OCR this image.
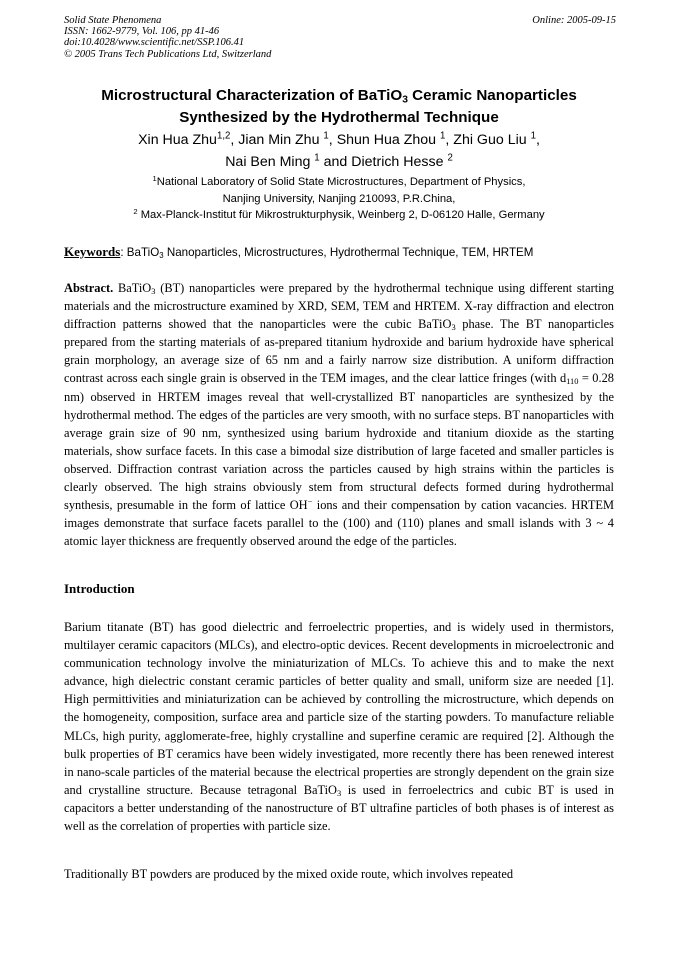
Solid State Phenomena
ISSN: 1662-9779, Vol. 106, pp 41-46
doi:10.4028/www.scientific.net/SSP.106.41
© 2005 Trans Tech Publications Ltd, Switzerland
Online: 2005-09-15
Microstructural Characterization of BaTiO$_3$ Ceramic Nanoparticles
Synthesized by the Hydrothermal Technique
Xin Hua Zhu$^{1,2}$, Jian Min Zhu $^1$, Shun Hua Zhou $^1$, Zhi Guo Liu $^1$,
Nai Ben Ming $^1$ and Dietrich Hesse $^2$
$^1$National Laboratory of Solid State Microstructures, Department of Physics,
Nanjing University, Nanjing 210093, P.R.China,
$^2$ Max-Planck-Institut für Mikrostrukturphysik, Weinberg 2, D-06120 Halle, Germany
Keywords: BaTiO$_3$ Nanoparticles, Microstructures, Hydrothermal Technique, TEM, HRTEM
Abstract. BaTiO$_3$ (BT) nanoparticles were prepared by the hydrothermal technique using different starting materials and the microstructure examined by XRD, SEM, TEM and HRTEM. X-ray diffraction and electron diffraction patterns showed that the nanoparticles were the cubic BaTiO$_3$ phase. The BT nanoparticles prepared from the starting materials of as-prepared titanium hydroxide and barium hydroxide have spherical grain morphology, an average size of 65 nm and a fairly narrow size distribution. A uniform diffraction contrast across each single grain is observed in the TEM images, and the clear lattice fringes (with $d_{110} = 0.28$ nm) observed in HRTEM images reveal that well-crystallized BT nanoparticles are synthesized by the hydrothermal method. The edges of the particles are very smooth, with no surface steps. BT nanoparticles with average grain size of 90 nm, synthesized using barium hydroxide and titanium dioxide as the starting materials, show surface facets. In this case a bimodal size distribution of large faceted and smaller particles is observed. Diffraction contrast variation across the particles caused by high strains within the particles is clearly observed. The high strains obviously stem from structural defects formed during hydrothermal synthesis, presumable in the form of lattice OH− ions and their compensation by cation vacancies. HRTEM images demonstrate that surface facets parallel to the (100) and (110) planes and small islands with 3 ~ 4 atomic layer thickness are frequently observed around the edge of the particles.
Introduction
Barium titanate (BT) has good dielectric and ferroelectric properties, and is widely used in thermistors, multilayer ceramic capacitors (MLCs), and electro-optic devices. Recent developments in microelectronic and communication technology involve the miniaturization of MLCs. To achieve this and to make the next advance, high dielectric constant ceramic particles of better quality and small, uniform size are needed [1]. High permittivities and miniaturization can be achieved by controlling the microstructure, which depends on the homogeneity, composition, surface area and particle size of the starting powders. To manufacture reliable MLCs, high purity, agglomerate-free, highly crystalline and superfine ceramic are required [2]. Although the bulk properties of BT ceramics have been widely investigated, more recently there has been renewed interest in nano-scale particles of the material because the electrical properties are strongly dependent on the grain size and crystalline structure. Because tetragonal BaTiO$_3$ is used in ferroelectrics and cubic BT is used in capacitors a better understanding of the nanostructure of BT ultrafine particles of both phases is of interest as well as the correlation of properties with particle size.
Traditionally BT powders are produced by the mixed oxide route, which involves repeated
